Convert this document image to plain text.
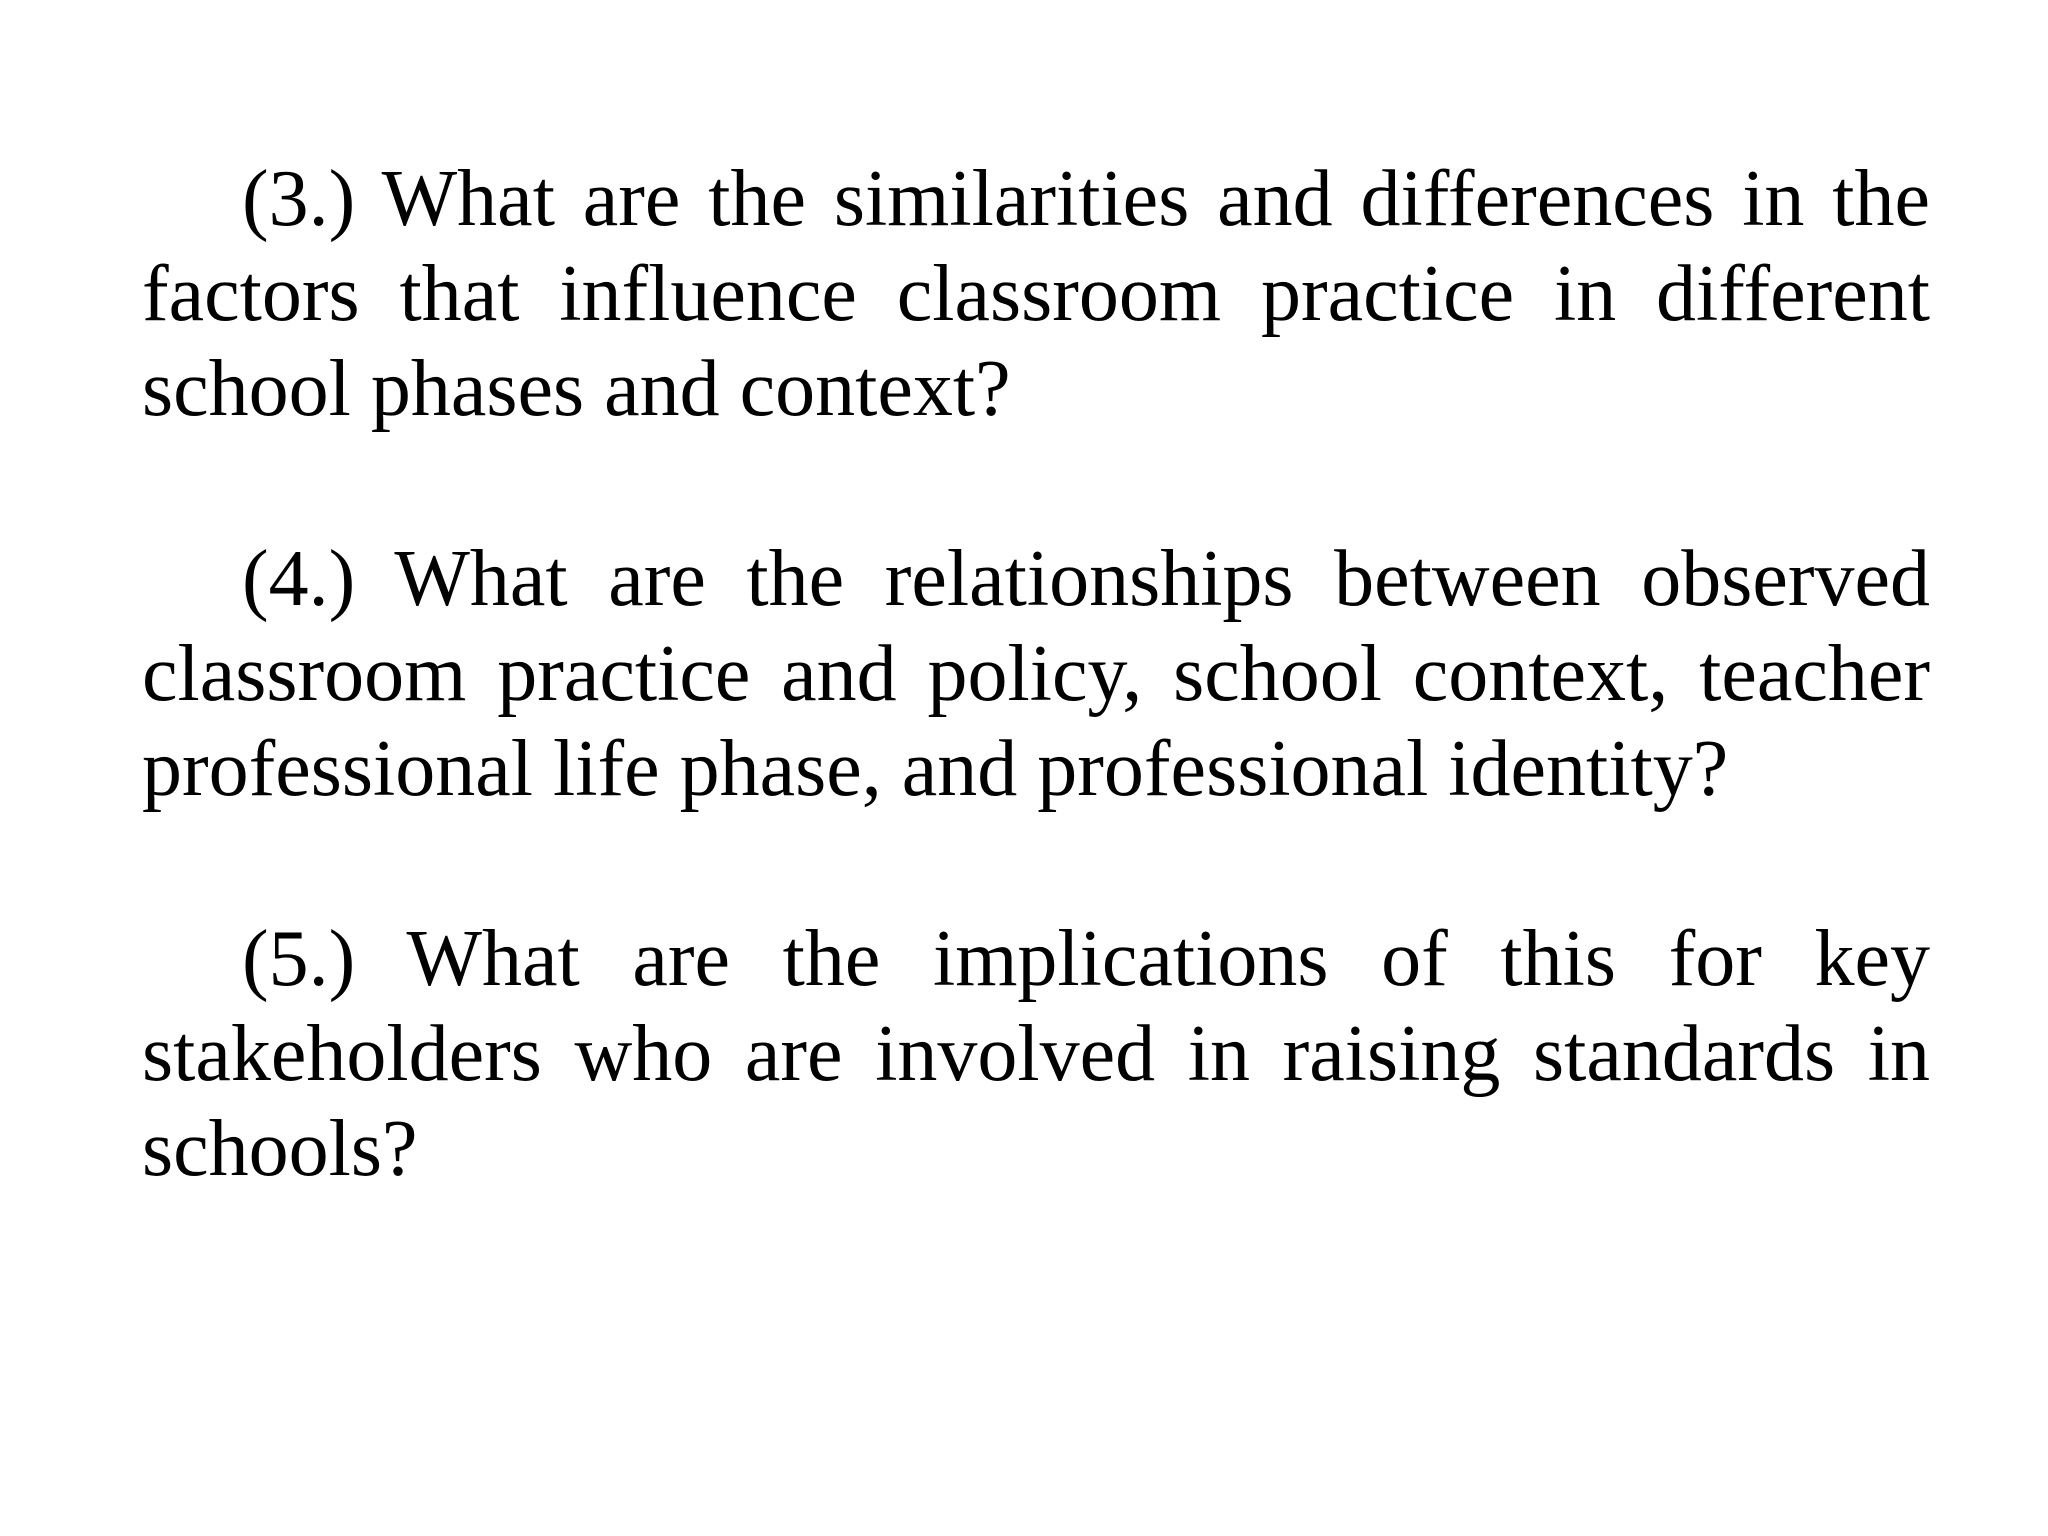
(3.) What are the similarities and differences in the factors that influence classroom practice in different school phases and context?

(4.) What are the relationships between observed classroom practice and policy, school context, teacher professional life phase, and professional identity?

(5.) What are the implications of this for key stakeholders who are involved in raising standards in schools?
